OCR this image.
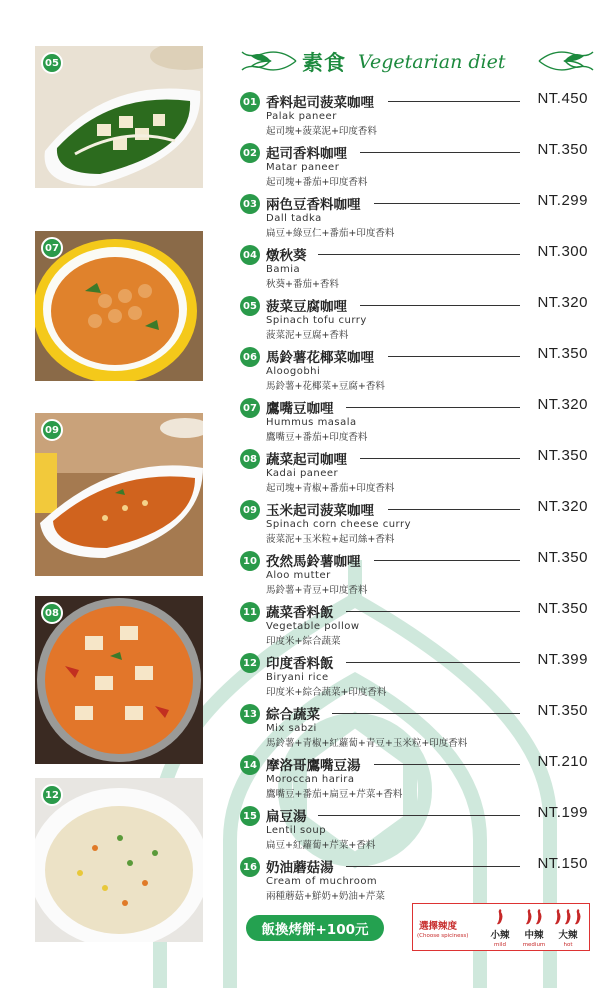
05
07
09
08
12
素食 Vegetarian diet
01 香料起司菠菜咖哩	NT.450
Palak paneer
起司塊+菠菜泥+印度香料
02 起司香料咖哩	NT.350
Matar paneer
起司塊+番茄+印度香料
03 兩色豆香料咖哩	NT.299
Dall tadka
扁豆+綠豆仁+番茄+印度香料
04 燉秋葵	NT.300
Bamia
秋葵+番茄+香料
05 菠菜豆腐咖哩	NT.320
Spinach tofu curry
菠菜泥+豆腐+香料
06 馬鈴薯花椰菜咖哩	NT.350
Aloogobhi
馬鈴薯+花椰菜+豆腐+香料
07 鷹嘴豆咖哩	NT.320
Hummus masala
鷹嘴豆+番茄+印度香料
08 蔬菜起司咖哩	NT.350
Kadai paneer
起司塊+青椒+番茄+印度香料
09 玉米起司菠菜咖哩	NT.320
Spinach corn cheese curry
菠菜泥+玉米粒+起司絲+香料
10 孜然馬鈴薯咖哩	NT.350
Aloo mutter
馬鈴薯+青豆+印度香料
11 蔬菜香料飯	NT.350
Vegetable pollow
印度米+綜合蔬菜
12 印度香料飯	NT.399
Biryani rice
印度米+綜合蔬菜+印度香料
13 綜合蔬菜	NT.350
Mix sabzi
馬鈴薯+青椒+紅蘿蔔+青豆+玉米粒+印度香料
14 摩洛哥鷹嘴豆湯	NT.210
Moroccan harira
鷹嘴豆+番茄+扁豆+芹菜+香料
15 扁豆湯	NT.199
Lentil soup
扁豆+紅蘿蔔+芹菜+香料
16 奶油蘑菇湯	NT.150
Cream of muchroom
兩種蘑菇+鮮奶+奶油+芹菜
飯換烤餅+100元	選擇辣度
(Choose spiciness)	小辣
mild
中辣
medium
大辣
hot
